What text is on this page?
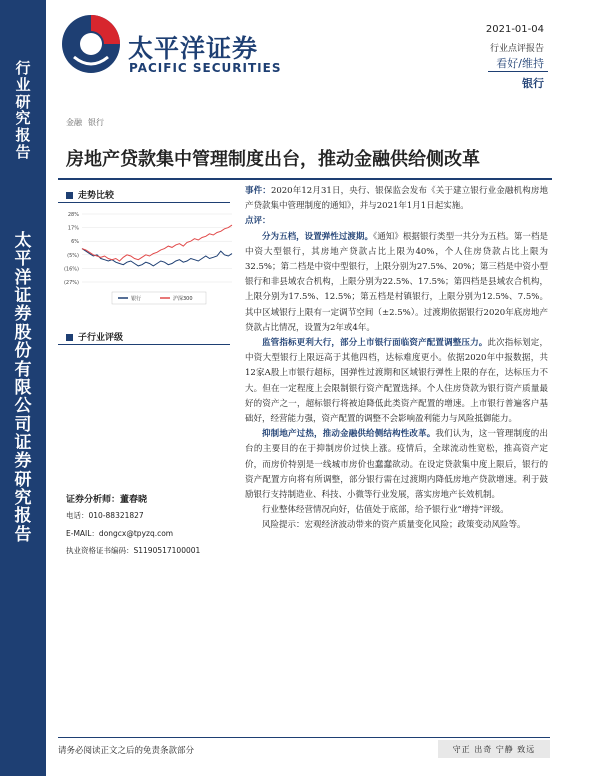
行
业
研
究
报
告
太
平
洋
证
券
股
份
有
限
公
司
证
券
研
究
报
告
太平洋证券
PACIFIC SECURITIES
2021-01-04
行业点评报告
看好/维持
银行
金融 银行
房地产贷款集中管理制度出台，推动金融供给侧改革
走势比较
28%
17%
6%
(5%)
(16%)
(27%)
银行	沪深300
子行业评级
证券分析师：董春晓
电话：010-88321827
E-MAIL：dongcx@tpyzq.com
执业资格证书编码：S1190517100001

事件：2020年12月31日，央行、银保监会发布《关于建立银行业金融机构房地产贷款集中管理制度的通知》，并与2021年1月1日起实施。

点评：

分为五档，设置弹性过渡期。《通知》根据银行类型一共分为五档。第一档是中资大型银行，其房地产贷款占比上限为40%，个人住房贷款占比上限为32.5%；第二档是中资中型银行，上限分别为27.5%、20%；第三档是中资小型银行和非县域农合机构，上限分别为22.5%、17.5%；第四档是县域农合机构，上限分别为17.5%、12.5%；第五档是村镇银行，上限分别为12.5%、7.5%。其中区域银行上限有一定调节空间（±2.5%）。过渡期依据银行2020年底房地产贷款占比情况，设置为2年或4年。

监管指标更利大行，部分上市银行面临资产配置调整压力。此次指标划定，中资大型银行上限远高于其他四档，达标难度更小。依据2020年中报数据，共12家A股上市银行超标，国弹性过渡期和区域银行弹性上限的存在，达标压力不大。但在一定程度上会限制银行资产配置选择。个人住房贷款为银行资产质量最好的资产之一，超标银行将被迫降低此类资产配置的增速。上市银行普遍客户基础好，经营能力强，资产配置的调整不会影响盈利能力与风险抵御能力。

抑制地产过热，推动金融供给侧结构性改革。我们认为，这一管理制度的出台的主要目的在于抑制房价过快上涨。疫情后，全球流动性宽松，推高资产定价，而房价特别是一线城市房价也蠢蠢欲动。在设定贷款集中度上限后，银行的资产配置方向将有所调整，部分银行需在过渡期内降低房地产贷款增速。利于鼓励银行支持制造业、科技、小微等行业发展，落实房地产长效机制。

行业整体经营情况向好，估值处于底部，给予银行业“增持”评级。

风险提示：宏观经济波动带来的资产质量变化风险；政策变动风险等。

请务必阅读正文之后的免责条款部分	守正 出奇 宁静 致远
